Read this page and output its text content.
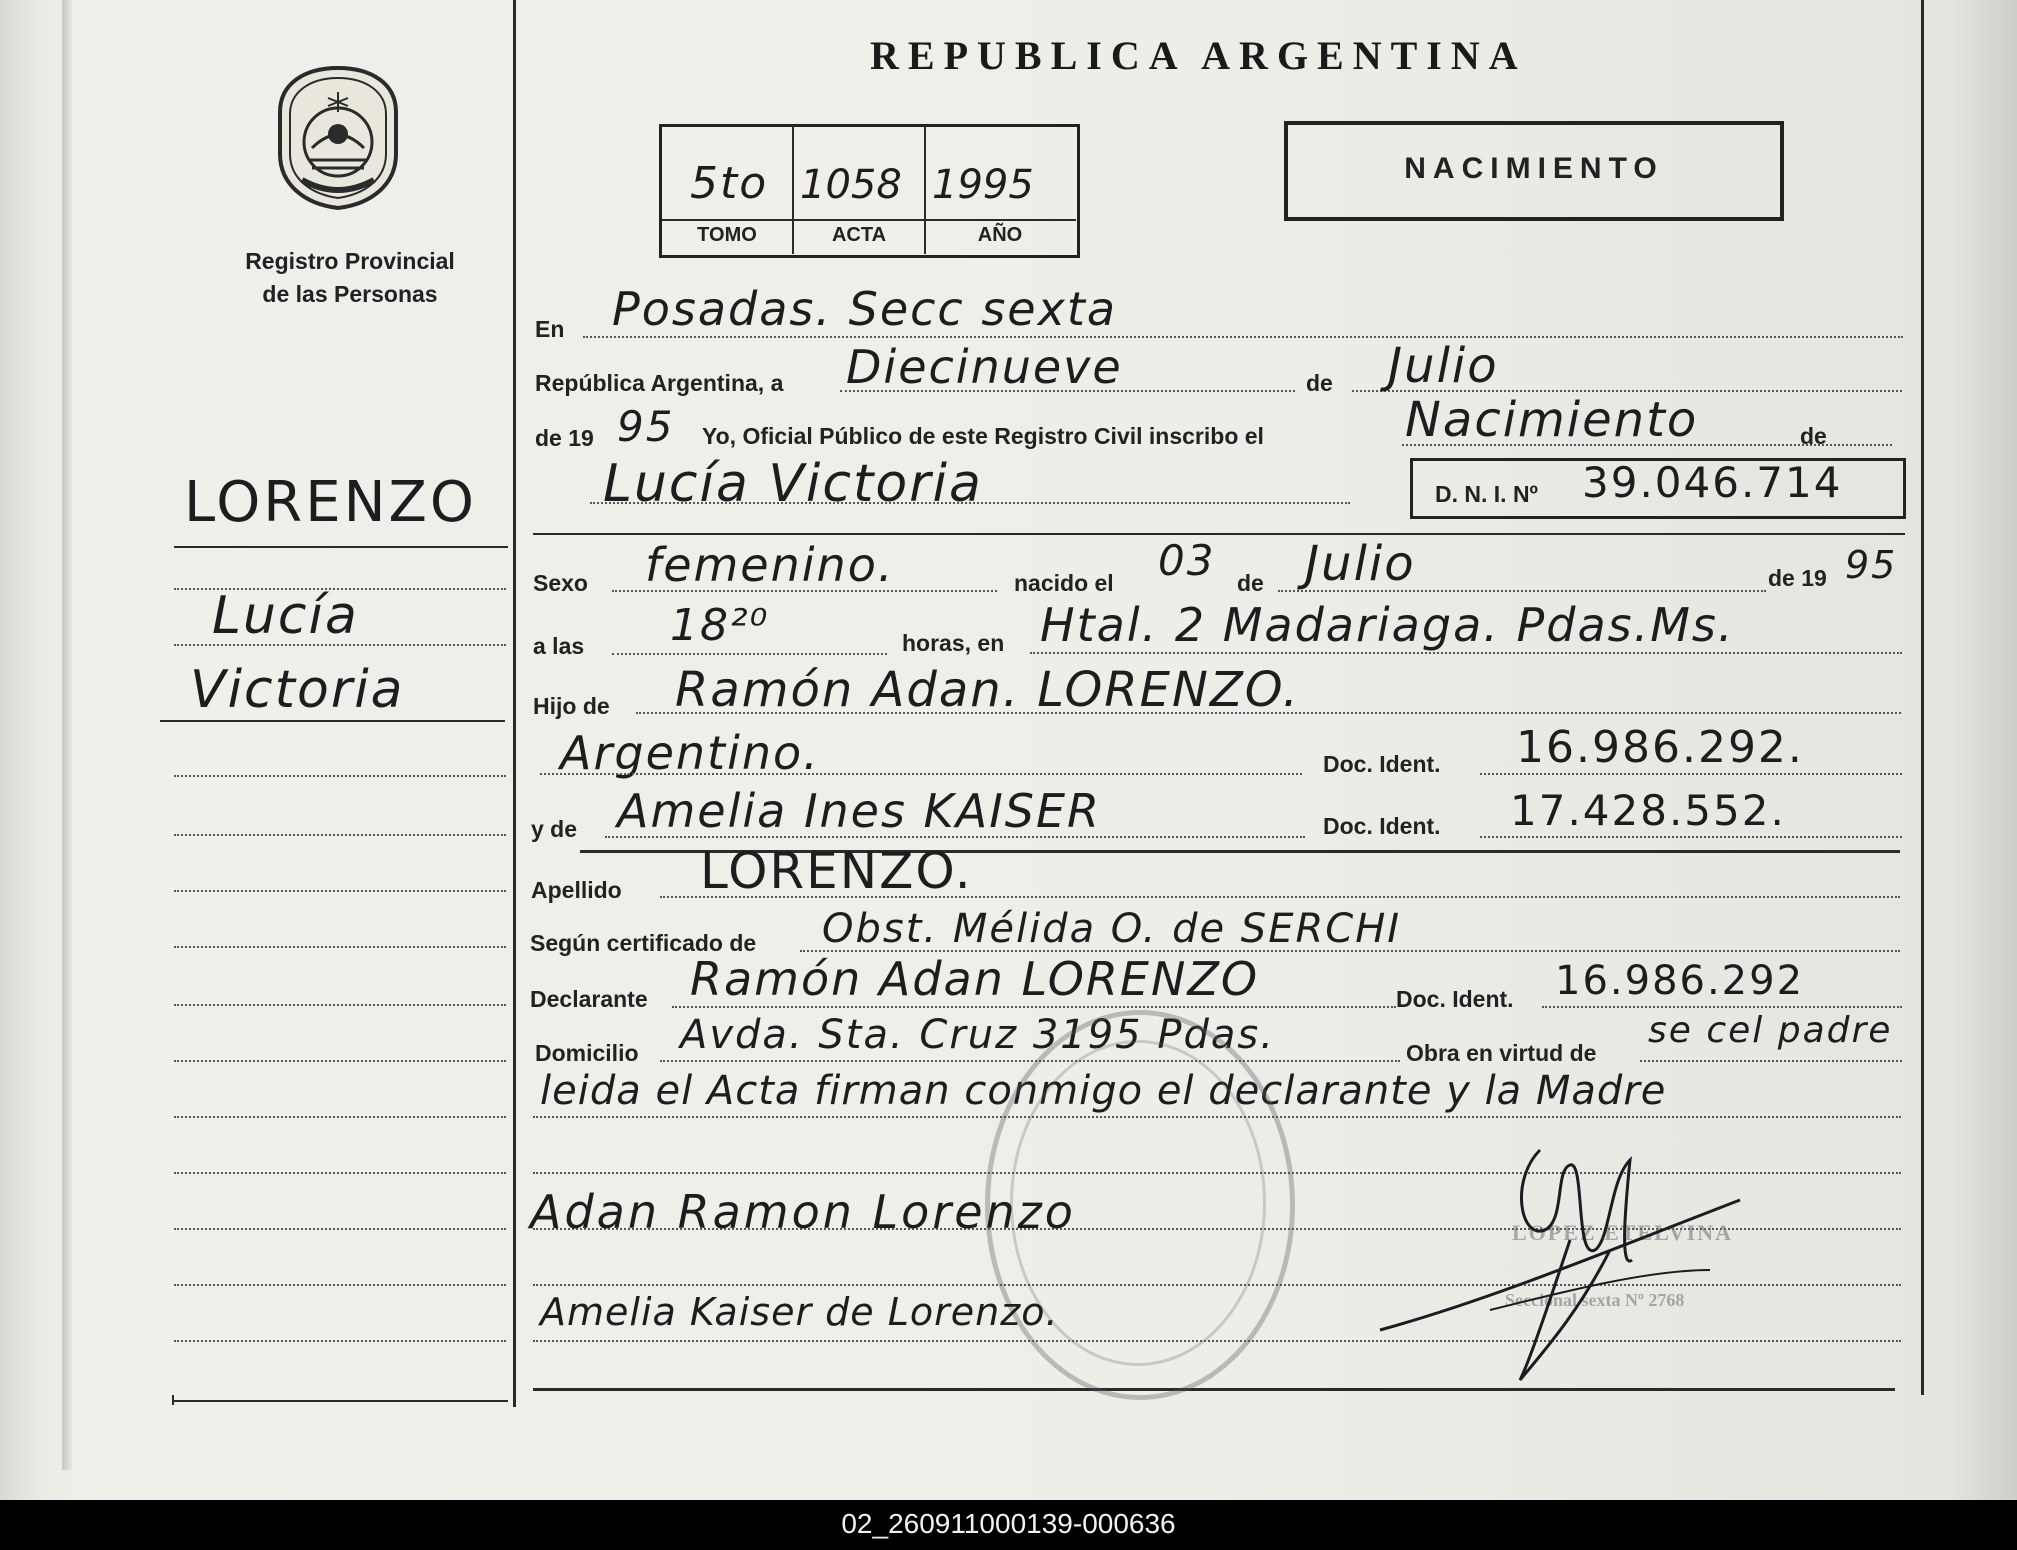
REPUBLICA ARGENTINA
Registro Provincial
de las Personas
5to 1058 1995
TOMO	ACTA	AÑO
NACIMIENTO
LORENZO
Lucía
Victoria
En Posadas. Secc sexta
República Argentina, a Diecinueve	de Julio
de 19 95 Yo, Oficial Público de este Registro Civil inscribo el	Nacimiento	de
Lucía Victoria	D. N. I. Nº 39.046.714
Sexo femenino.	nacido el 03 de Julio	de 19 95
a las 18²⁰	horas, en Htal. 2 Madariaga. Pdas.Ms.
Hijo de Ramón Adan. LORENZO.
Argentino.	Doc. Ident. 16.986.292.
y de Amelia Ines KAISER	Doc. Ident. 17.428.552.
Apellido LORENZO.
Según certificado de Obst. Mélida O. de SERCHI
Declarante Ramón Adan LORENZO	Doc. Ident. 16.986.292
Domicilio Avda. Sta. Cruz 3195 Pdas.	Obra en virtud de
se cel padre
leida el Acta firman conmigo el declarante y la Madre
Adan Ramon Lorenzo
Amelia Kaiser de Lorenzo.
LOPEZ ETELVINA
Seccional sexta Nº 2768
02_260911000139-000636
